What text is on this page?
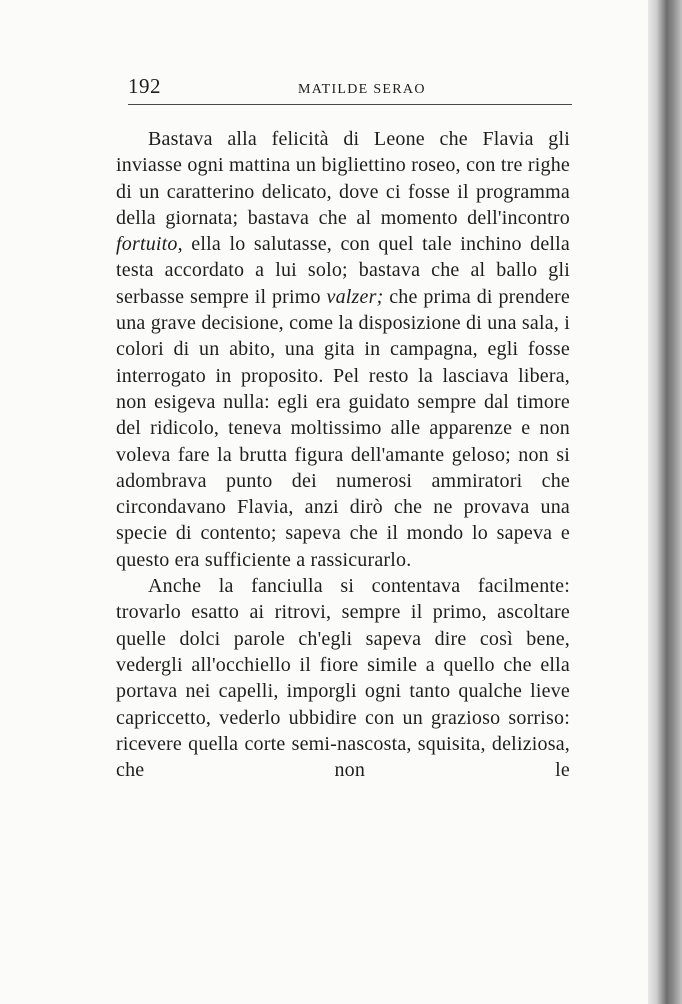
192	MATILDE SERAO

Bastava alla felicità di Leone che Flavia gli inviasse ogni mattina un bigliettino roseo, con tre righe di un caratterino delicato, dove ci fosse il programma della giornata; bastava che al momento dell'incontro fortuito, ella lo salutasse, con quel tale inchino della testa accordato a lui solo; bastava che al ballo gli serbasse sempre il primo valzer; che prima di prendere una grave decisione, come la disposizione di una sala, i colori di un abito, una gita in campagna, egli fosse interrogato in proposito. Pel resto la lasciava libera, non esigeva nulla: egli era guidato sempre dal timore del ridicolo, teneva moltissimo alle apparenze e non voleva fare la brutta figura dell'amante geloso; non si adombrava punto dei numerosi ammiratori che circondavano Flavia, anzi dirò che ne provava una specie di contento; sapeva che il mondo lo sapeva e questo era sufficiente a rassicurarlo.

Anche la fanciulla si contentava facilmente: trovarlo esatto ai ritrovi, sempre il primo, ascoltare quelle dolci parole ch'egli sapeva dire così bene, vedergli all'occhiello il fiore simile a quello che ella portava nei capelli, imporgli ogni tanto qualche lieve capriccetto, vederlo ubbidire con un grazioso sorriso: ricevere quella corte semi-nascosta, squisita, deliziosa, che non le
